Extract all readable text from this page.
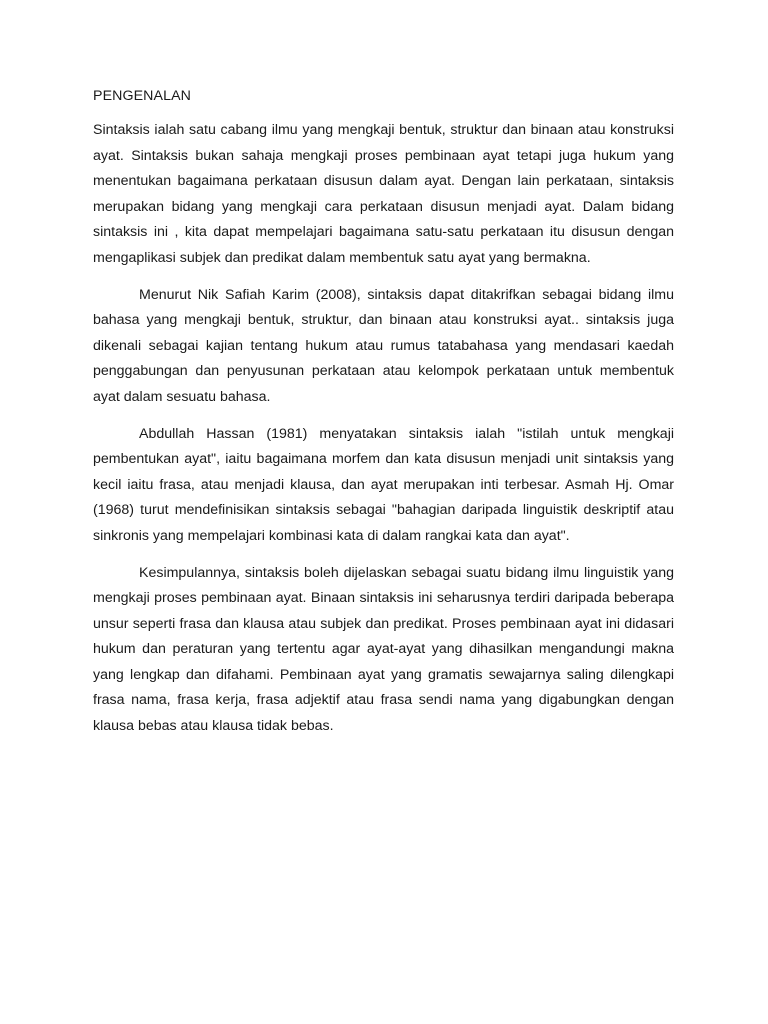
PENGENALAN

Sintaksis ialah satu cabang ilmu yang mengkaji bentuk, struktur dan binaan atau konstruksi ayat. Sintaksis bukan sahaja mengkaji proses pembinaan ayat tetapi juga hukum yang menentukan bagaimana perkataan disusun dalam ayat. Dengan lain perkataan, sintaksis merupakan bidang yang mengkaji cara perkataan disusun menjadi ayat. Dalam bidang sintaksis ini , kita dapat mempelajari bagaimana satu-satu perkataan itu disusun dengan mengaplikasi subjek dan predikat dalam membentuk satu ayat yang bermakna.

Menurut Nik Safiah Karim (2008), sintaksis dapat ditakrifkan sebagai bidang ilmu bahasa yang mengkaji bentuk, struktur, dan binaan atau konstruksi ayat.. sintaksis juga dikenali sebagai kajian tentang hukum atau rumus tatabahasa yang mendasari kaedah penggabungan dan penyusunan perkataan atau kelompok perkataan untuk membentuk ayat dalam sesuatu bahasa.

Abdullah Hassan (1981) menyatakan sintaksis ialah "istilah untuk mengkaji pembentukan ayat", iaitu bagaimana morfem dan kata disusun menjadi unit sintaksis yang kecil iaitu frasa, atau menjadi klausa, dan ayat merupakan inti terbesar. Asmah Hj. Omar (1968) turut mendefinisikan sintaksis sebagai "bahagian daripada linguistik deskriptif atau sinkronis yang mempelajari kombinasi kata di dalam rangkai kata dan ayat".

Kesimpulannya, sintaksis boleh dijelaskan sebagai suatu bidang ilmu linguistik yang mengkaji proses pembinaan ayat. Binaan sintaksis ini seharusnya terdiri daripada beberapa unsur seperti frasa dan klausa atau subjek dan predikat. Proses pembinaan ayat ini didasari hukum dan peraturan yang tertentu agar ayat-ayat yang dihasilkan mengandungi makna yang lengkap dan difahami. Pembinaan ayat yang gramatis sewajarnya saling dilengkapi frasa nama, frasa kerja, frasa adjektif atau frasa sendi nama yang digabungkan dengan klausa bebas atau klausa tidak bebas.
